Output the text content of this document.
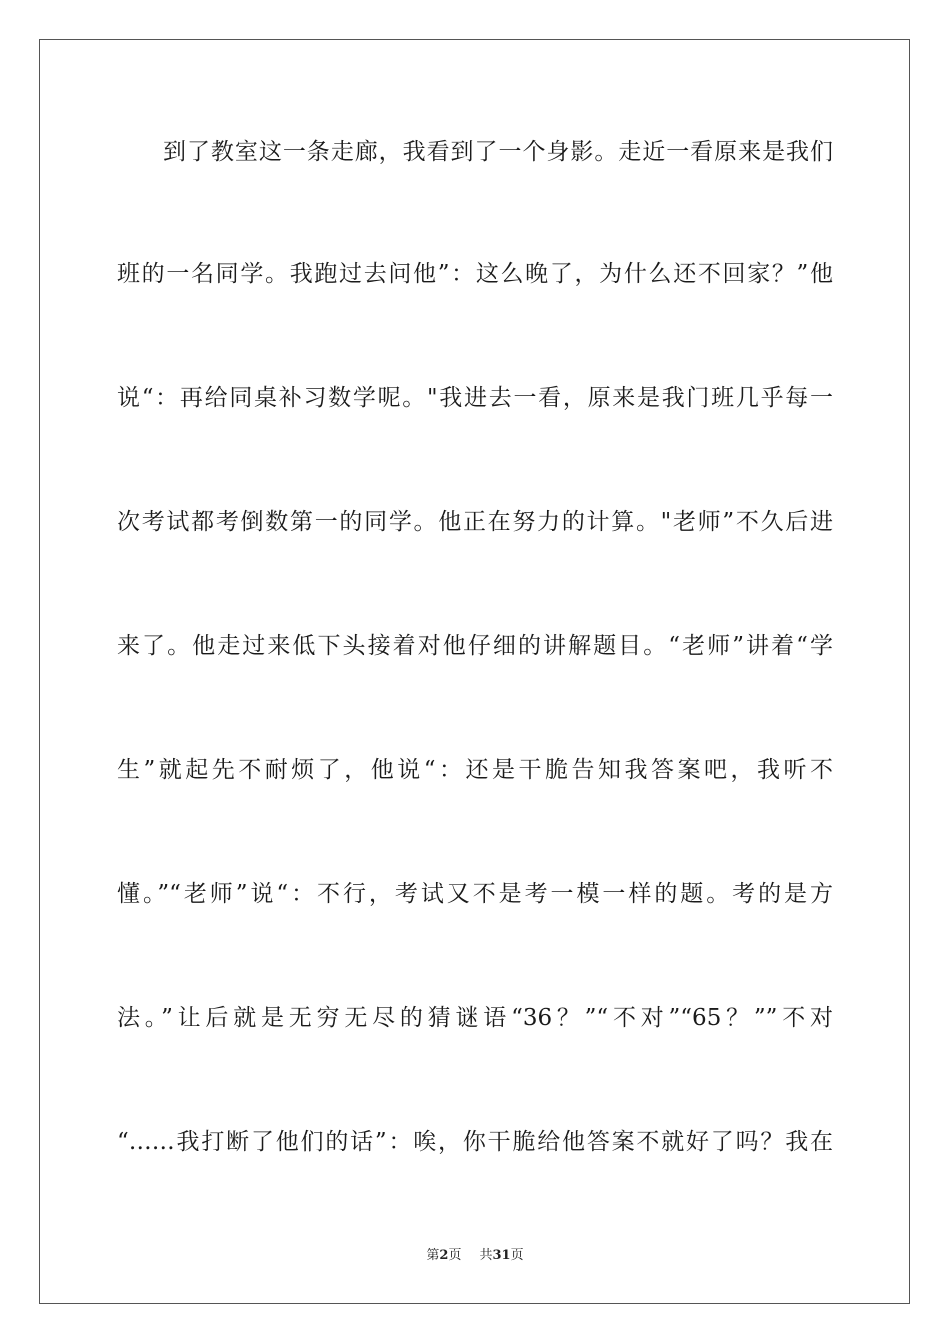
到了教室这一条走廊，我看到了一个身影。走近一看原来是我们
班的一名同学。我跑过去问他”：这么晚了，为什么还不回家？”他
说“：再给同桌补习数学呢。"我进去一看，原来是我门班几乎每一
次考试都考倒数第一的同学。他正在努力的计算。"老师”不久后进
来了。他走过来低下头接着对他仔细的讲解题目。“老师”讲着“学
生”就起先不耐烦了，他说“：还是干脆告知我答案吧，我听不
懂。”“老师”说“：不行，考试又不是考一模一样的题。考的是方
法。”让后就是无穷无尽的猜谜语“36？”“不对”“65？””不对
“……我打断了他们的话”：唉，你干脆给他答案不就好了吗？我在
第2页 共31页
